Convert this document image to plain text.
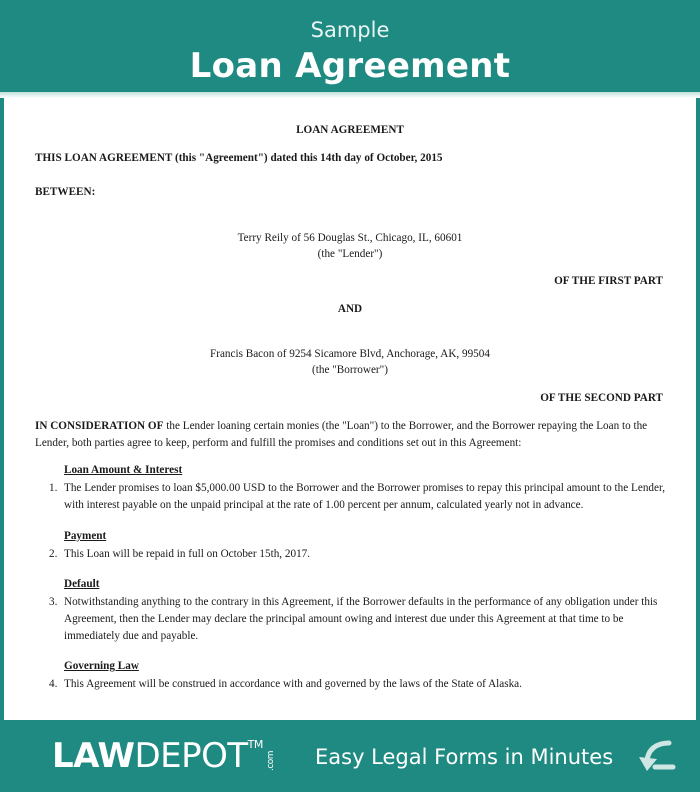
Sample
Loan Agreement
LOAN AGREEMENT
THIS LOAN AGREEMENT (this "Agreement") dated this 14th day of October, 2015
BETWEEN:
Terry Reily of 56 Douglas St., Chicago, IL, 60601
(the "Lender")
OF THE FIRST PART
AND
Francis Bacon of 9254 Sicamore Blvd, Anchorage, AK, 99504
(the "Borrower")
OF THE SECOND PART
IN CONSIDERATION OF the Lender loaning certain monies (the "Loan") to the Borrower, and the Borrower repaying the Loan to the Lender, both parties agree to keep, perform and fulfill the promises and conditions set out in this Agreement:
Loan Amount & Interest
1. The Lender promises to loan $5,000.00 USD to the Borrower and the Borrower promises to repay this principal amount to the Lender, with interest payable on the unpaid principal at the rate of 1.00 percent per annum, calculated yearly not in advance.
Payment
2. This Loan will be repaid in full on October 15th, 2017.
Default
3. Notwithstanding anything to the contrary in this Agreement, if the Borrower defaults in the performance of any obligation under this Agreement, then the Lender may declare the principal amount owing and interest due under this Agreement at that time to be immediately due and payable.
Governing Law
4. This Agreement will be construed in accordance with and governed by the laws of the State of Alaska.
LAWDEPOT™.com	Easy Legal Forms in Minutes
